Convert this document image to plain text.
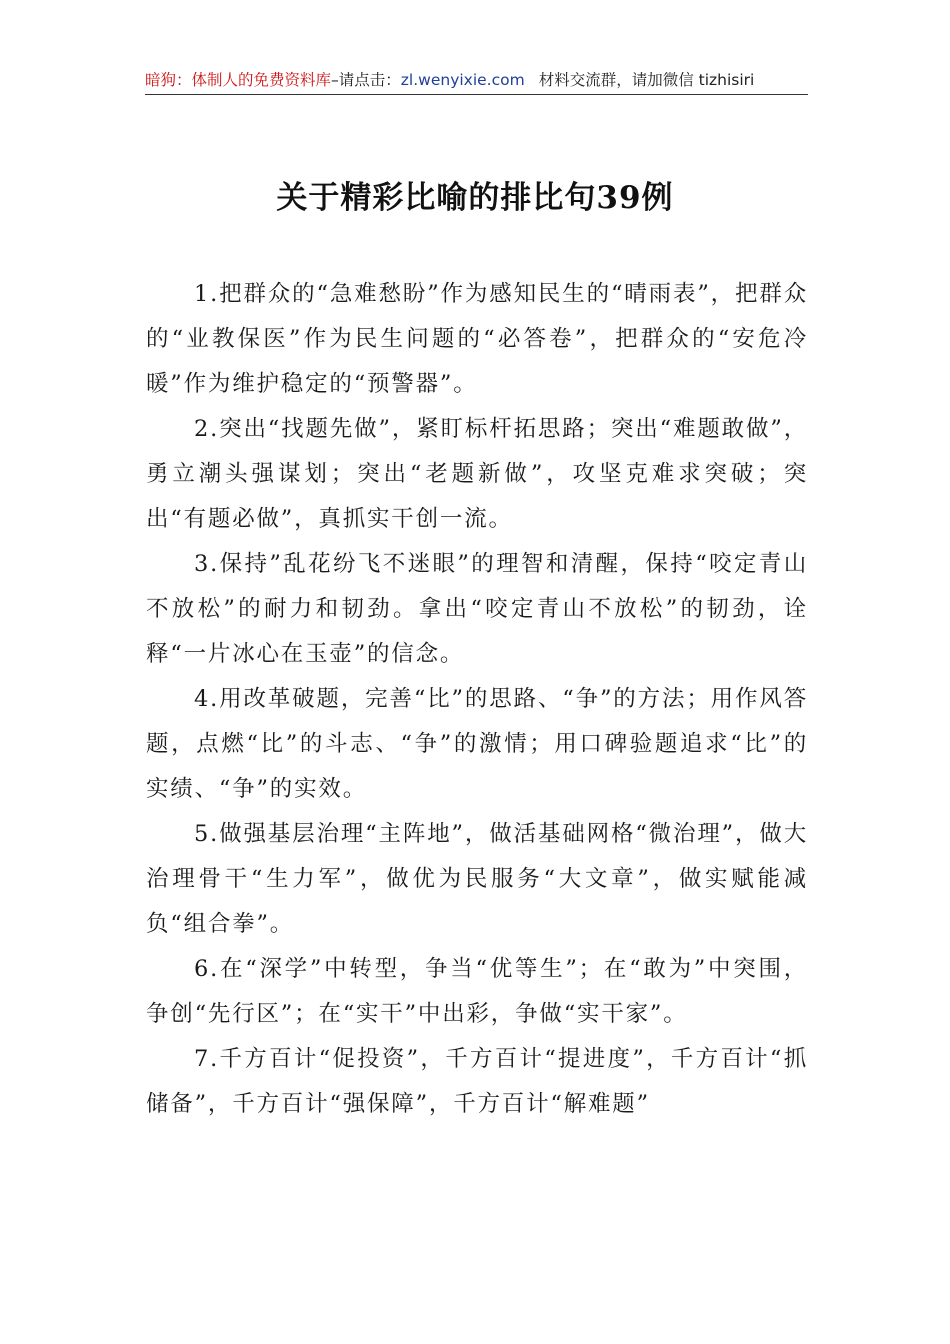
暗狗：体制人的免费资料库–请点击：zl.wenyixie.com 材料交流群，请加微信 tizhisiri
关于精彩比喻的排比句39例

1.把群众的“急难愁盼”作为感知民生的“晴雨表”，把群众的“业教保医”作为民生问题的“必答卷”，把群众的“安危冷暖”作为维护稳定的“预警器”。

2.突出“找题先做”，紧盯标杆拓思路；突出“难题敢做”，勇立潮头强谋划；突出“老题新做”，攻坚克难求突破；突出“有题必做”，真抓实干创一流。

3.保持”乱花纷飞不迷眼”的理智和清醒，保持“咬定青山不放松”的耐力和韧劲。拿出“咬定青山不放松”的韧劲，诠释“一片冰心在玉壶”的信念。

4.用改革破题，完善“比”的思路、“争”的方法；用作风答题，点燃“比”的斗志、“争”的激情；用口碑验题追求“比”的实绩、“争”的实效。

5.做强基层治理“主阵地”，做活基础网格“微治理”，做大治理骨干“生力军”，做优为民服务“大文章”，做实赋能减负“组合拳”。

6.在“深学”中转型，争当“优等生”；在“敢为”中突围，争创“先行区”；在“实干”中出彩，争做“实干家”。

7.千方百计“促投资”，千方百计“提进度”，千方百计“抓储备”，千方百计“强保障”，千方百计“解难题”
